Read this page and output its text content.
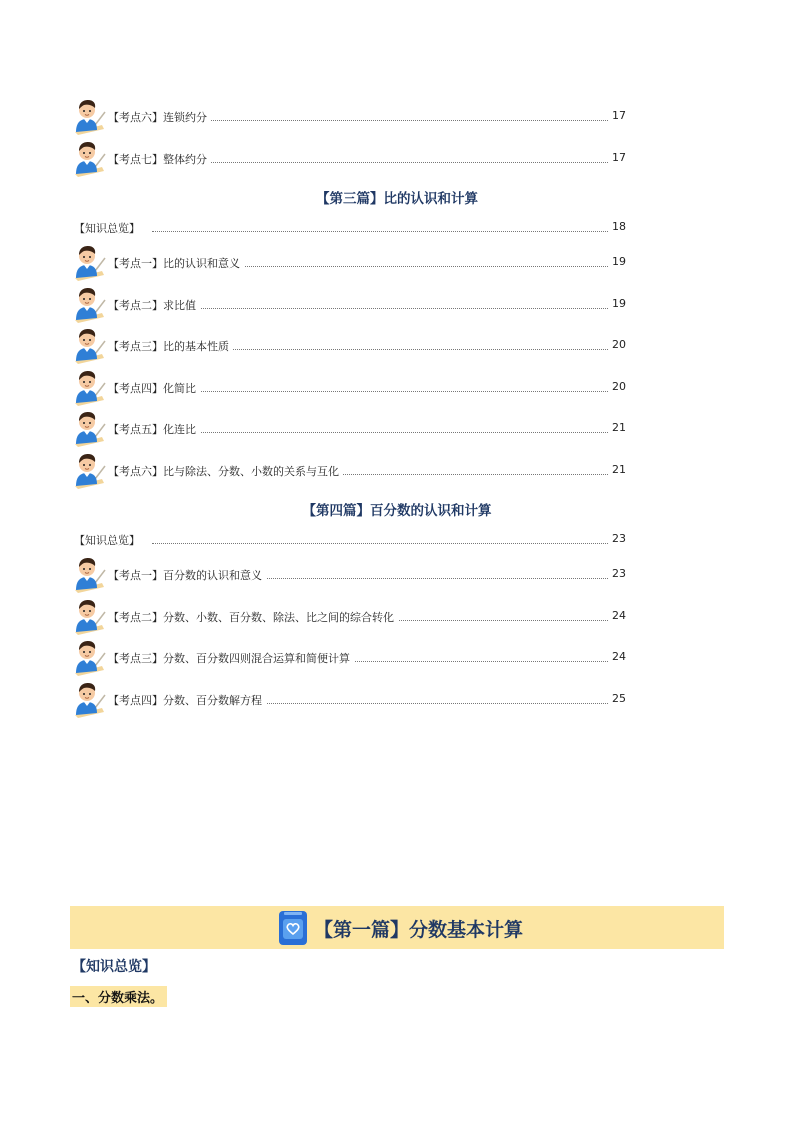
【考点六】连锁约分	17
【考点七】整体约分	17
【第三篇】比的认识和计算
【知识总览】	18
【考点一】比的认识和意义	19
【考点二】求比值	19
【考点三】比的基本性质	20
【考点四】化简比	20
【考点五】化连比	21
【考点六】比与除法、分数、小数的关系与互化	21
【第四篇】百分数的认识和计算
【知识总览】	23
【考点一】百分数的认识和意义	23
【考点二】分数、小数、百分数、除法、比之间的综合转化	24
【考点三】分数、百分数四则混合运算和简便计算	24
【考点四】分数、百分数解方程	25
【第一篇】分数基本计算
【知识总览】
一、分数乘法。
